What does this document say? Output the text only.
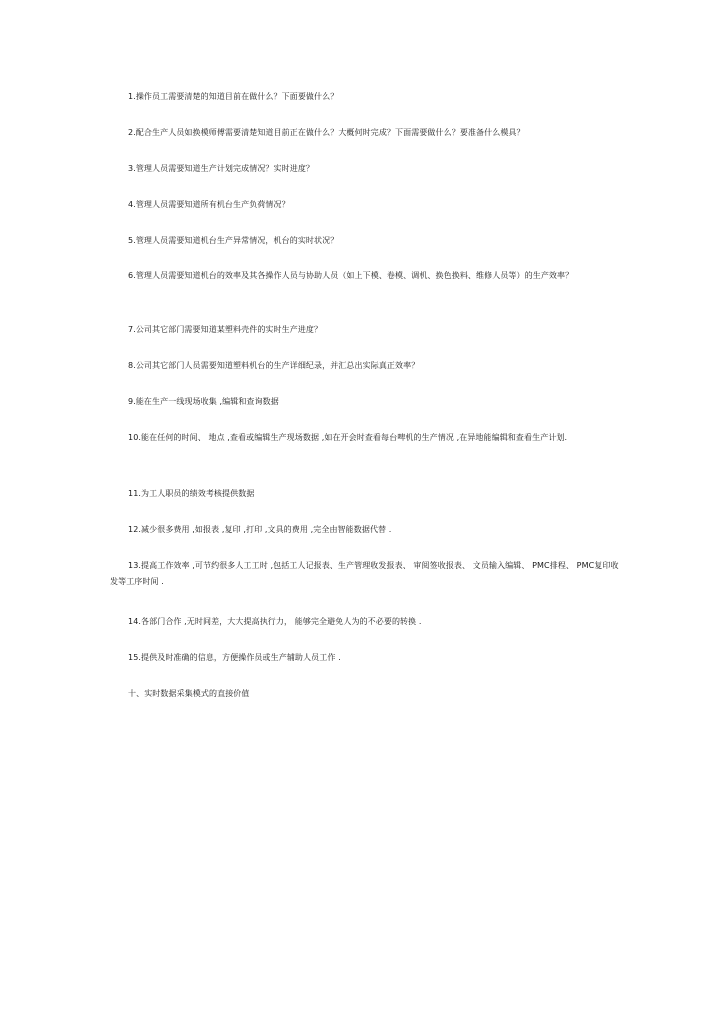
1.操作员工需要清楚的知道目前在做什么？下面要做什么？

2.配合生产人员如换模师傅需要清楚知道目前正在做什么？大概何时完成？下面需要做什么？要准备什么模具？

3.管理人员需要知道生产计划完成情况？实时进度？

4.管理人员需要知道所有机台生产负荷情况？

5.管理人员需要知道机台生产异常情况，机台的实时状况？

6.管理人员需要知道机台的效率及其各操作人员与协助人员（如上下模、卷模、调机、换色换料、维修人员等）的生产效率？

7.公司其它部门需要知道某塑料壳件的实时生产进度？

8.公司其它部门人员需要知道塑料机台的生产详细纪录，并汇总出实际真正效率？

9.能在生产一线现场收集 ,编辑和查询数据

10.能在任何的时间、 地点 ,查看或编辑生产现场数据 ,如在开会时查看每台啤机的生产情况 ,在异地能编辑和查看生产计划.

11.为工人职员的绩效考核提供数据

12.减少很多费用 ,如报表 ,复印 ,打印 ,文具的费用 ,完全由智能数据代替 .

13.提高工作效率 ,可节约很多人工工时 ,包括工人记报表、生产管理收发报表、 审阅签收报表、 文员输入编辑、 PMC排程、 PMC复印收发等工序时间 .

14.各部门合作 ,无时间差，大大提高执行力， 能够完全避免人为的不必要的转换 .

15.提供及时准确的信息，方便操作员或生产辅助人员工作 .

十、实时数据采集模式的直接价值
